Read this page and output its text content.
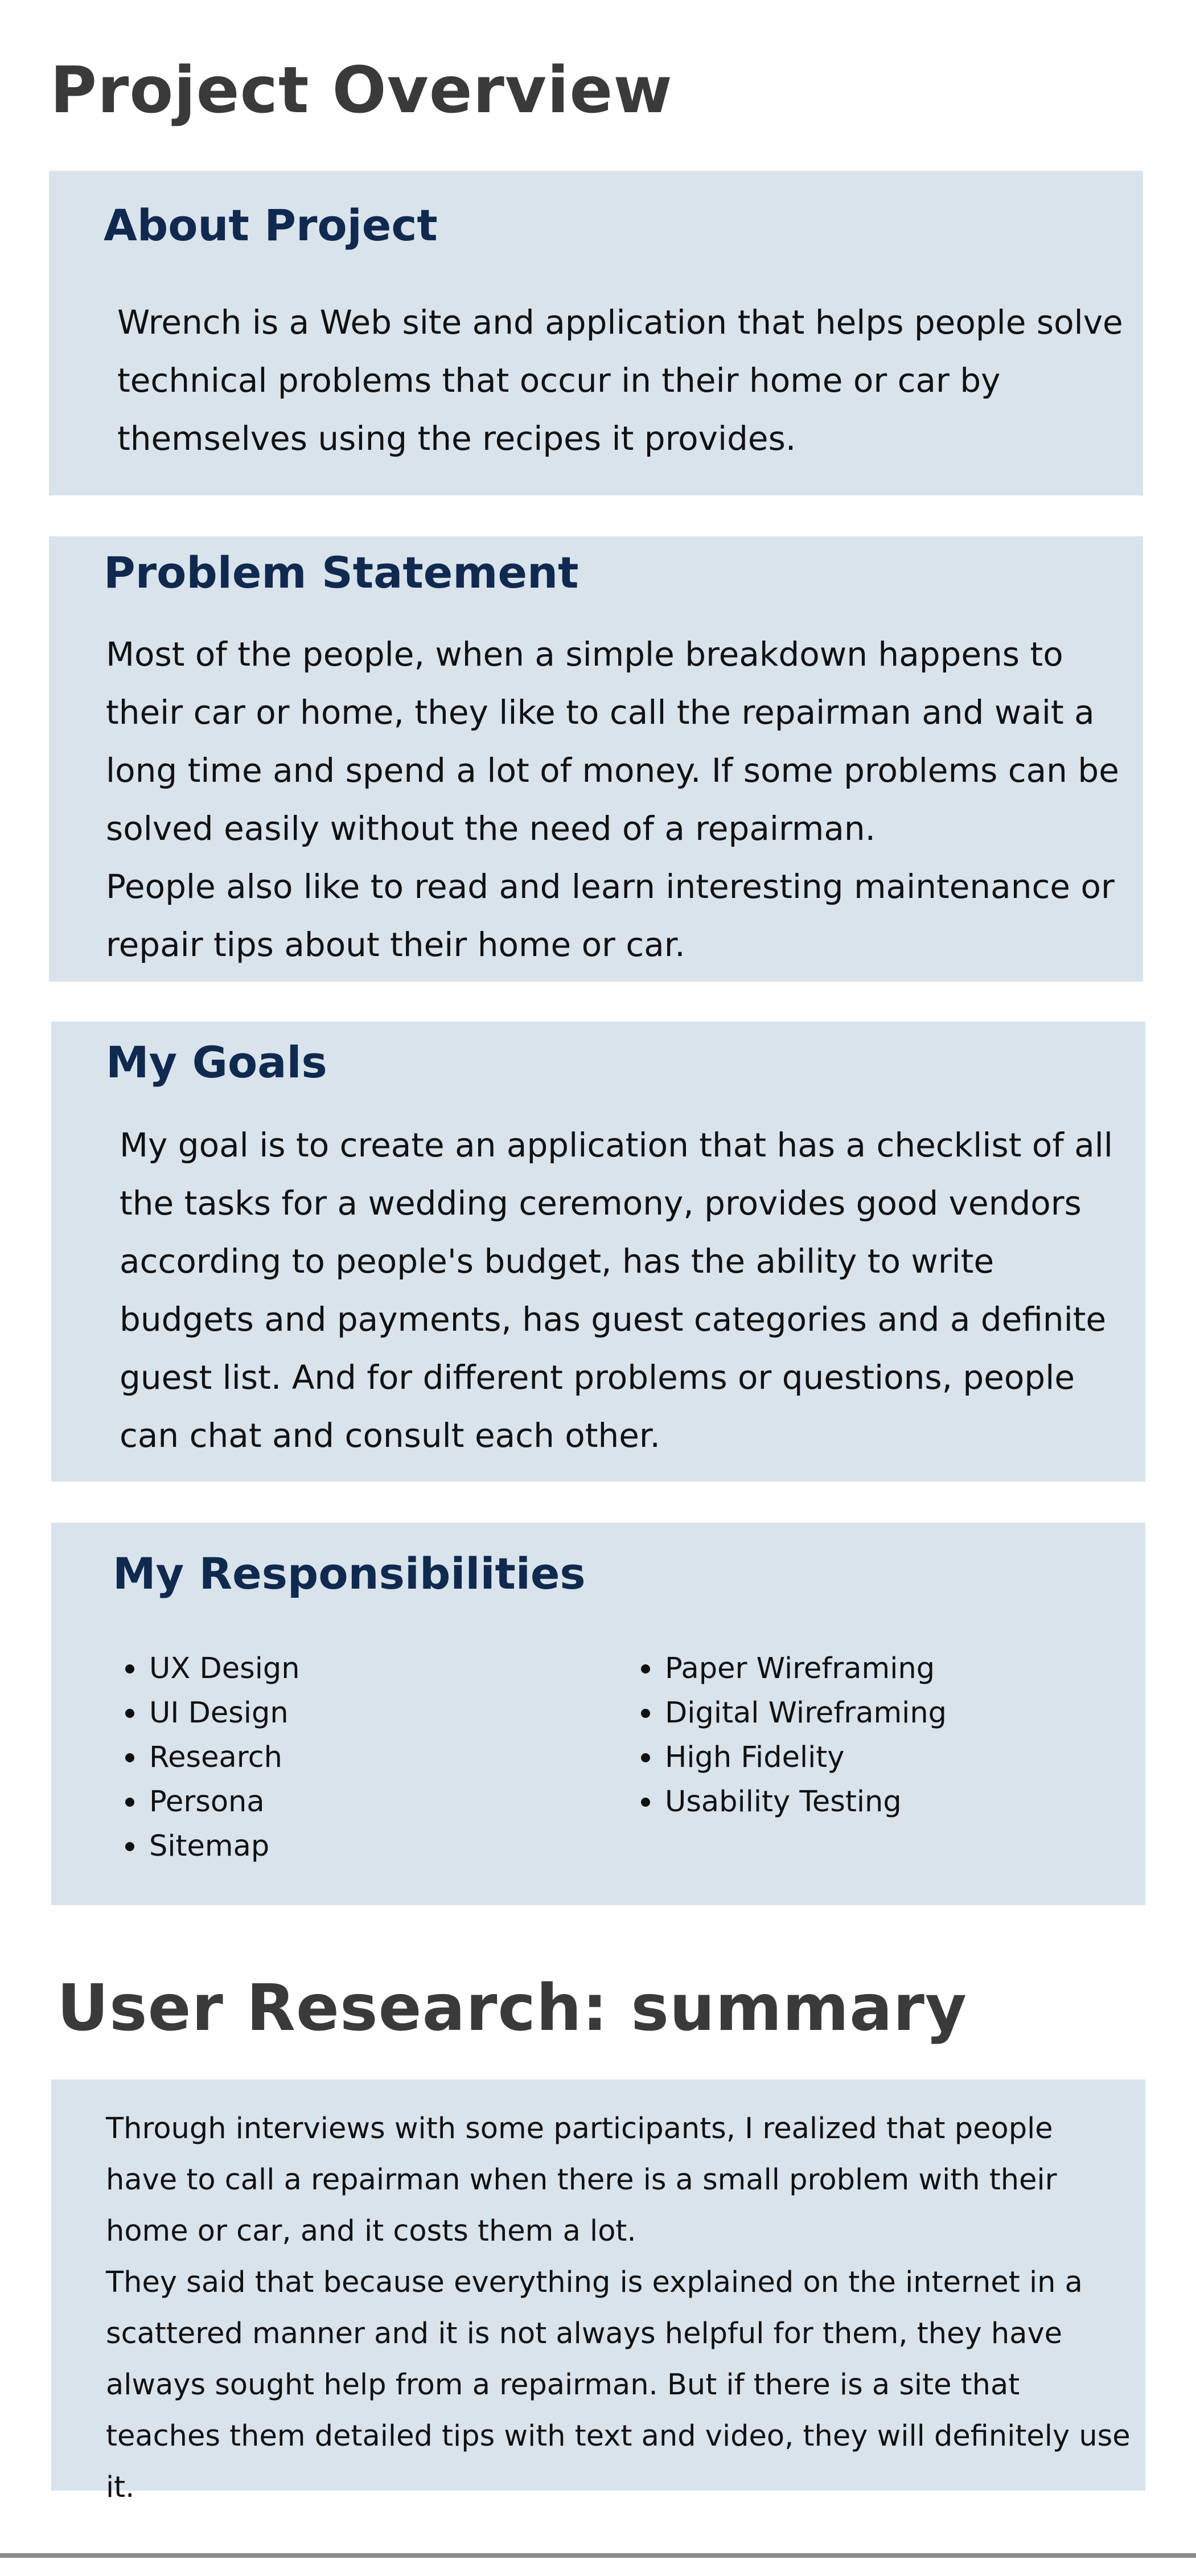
Project Overview
About Project

Wrench is a Web site and application that helps people solve technical problems that occur in their home or car by themselves using the recipes it provides.

Problem Statement

Most of the people, when a simple breakdown happens to their car or home, they like to call the repairman and wait a long time and spend a lot of money. If some problems can be solved easily without the need of a repairman.

People also like to read and learn interesting maintenance or repair tips about their home or car.

My Goals

My goal is to create an application that has a checklist of all the tasks for a wedding ceremony, provides good vendors according to people's budget, has the ability to write budgets and payments, has guest categories and a definite guest list. And for different problems or questions, people can chat and consult each other.

My Responsibilities
UX Design
UI Design
Research
Persona
Sitemap
Paper Wireframing
Digital Wireframing
High Fidelity
Usability Testing
User Research: summary

Through interviews with some participants, I realized that people have to call a repairman when there is a small problem with their home or car, and it costs them a lot.

They said that because everything is explained on the internet in a scattered manner and it is not always helpful for them, they have always sought help from a repairman. But if there is a site that teaches them detailed tips with text and video, they will definitely use it.
